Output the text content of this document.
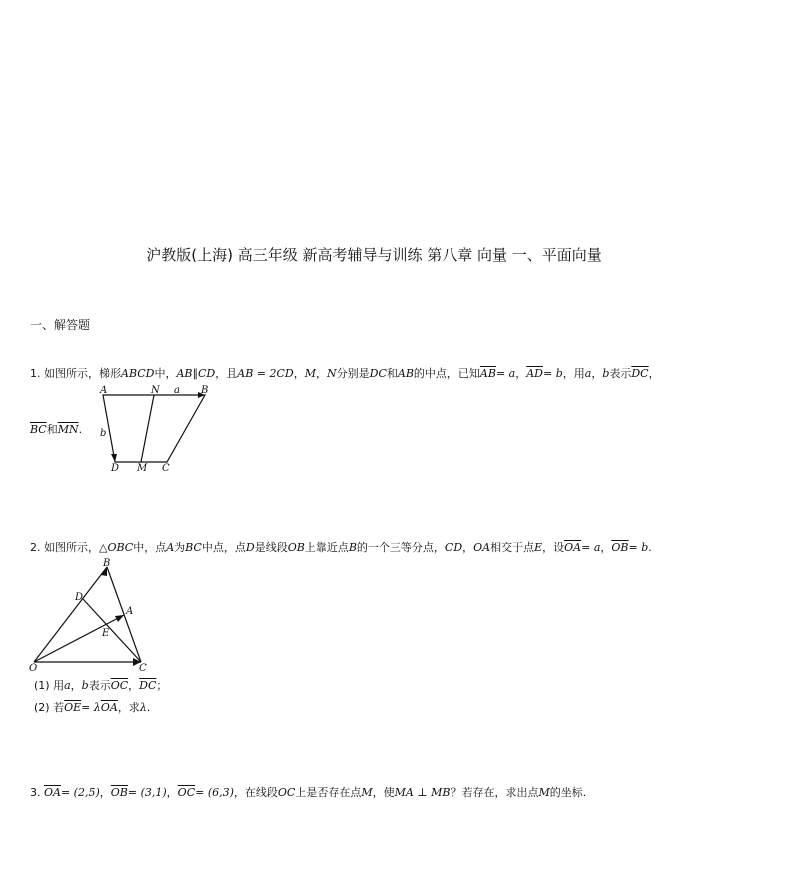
沪教版(上海) 高三年级 新高考辅导与训练 第八章 向量 一、平面向量
一、解答题
1. 如图所示，梯形ABCD中，AB∥CD，且AB = 2CD，M，N分别是DC和AB的中点，已知$\overline{AB}= a$，$\overline{AD}= b$，用a，b表示$\overline{DC}$，
$\overline{BC}$和$\overline{MN}$.
A	N a B
b
D M C
2. 如图所示，△OBC中，点A为BC中点，点D是线段OB上靠近点B的一个三等分点，CD，OA相交于点E，设$\overline{OA}= a$，$\overline{OB}= b$.
B
D
A
E
O	C
(1) 用a，b表示$\overline{OC}$，$\overline{DC}$；
(2) 若$\overline{OE}= \lambda\overline{OA}$，求λ.
3. $\overline{OA}= (2,5)$，$\overline{OB}= (3,1)$，$\overline{OC}= (6,3)$，在线段OC上是否存在点M，使MA ⊥ MB？若存在，求出点M的坐标.
